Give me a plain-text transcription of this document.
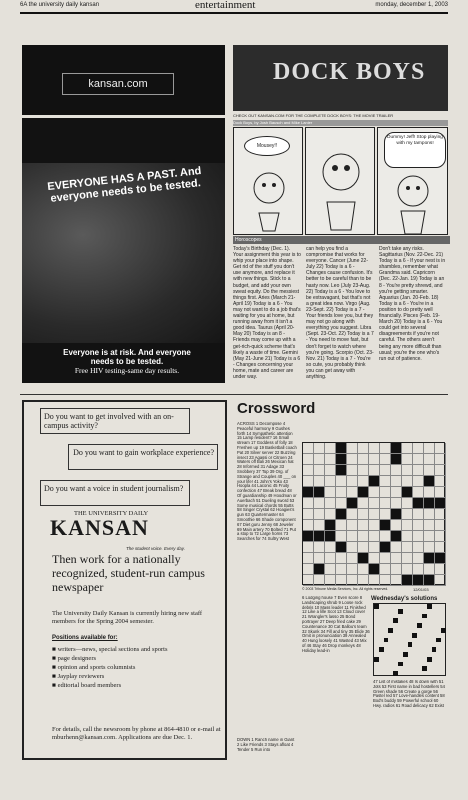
6A the university daily kansan	entertainment	monday, december 1, 2003
kansan.com
EVERYONE HAS A PAST. And everyone needs to be tested.
Everyone is at risk. And everyone needs to be tested.
Free HIV testing-same day results.
DOCK BOYS
CHECK OUT KANSAN.COM FOR THE COMPLETE DOCK BOYS: THE MOVIE TRAILER
Dock Boys, by Josh Bausch and Mike Lanier
Mousey!!
Dummy! Jeff! Stop playing with my tampons!
Horoscopes
Today's Birthday (Dec. 1). Your assignment this year is to whip your place into shape. Get rid of the stuff you don't use anymore, and replace it with new things. Stick to a budget, and add your own sweat equity. Do the messiest things first. Aries (March 21-April 19) Today is a 6 - You may not want to do a job that's waiting for you at home, but running away from it isn't a good idea. Taurus (April 20-May 20) Today is an 8 - Friends may come up with a get-rich-quick scheme that's likely a waste of time. Gemini (May 21-June 21) Today is a 6 - Changes concerning your home, mate and career are under way.
can help you find a compromise that works for everyone. Cancer (June 22-July 22) Today is a 6 - Changes cause confusion. It's better to be careful than to be hasty now. Leo (July 23-Aug. 22) Today is a 6 - You love to be extravagant, but that's not a great idea now. Virgo (Aug. 23-Sept. 22) Today is a 7 - Your friends love you, but they may not go along with everything you suggest. Libra (Sept. 23-Oct. 22) Today is a 7 - You need to move fast, but don't forget to watch where you're going. Scorpio (Oct. 23-Nov. 21) Today is a 7 - You're so cute, you probably think you can get away with anything.
Don't take any risks. Sagittarius (Nov. 22-Dec. 21) Today is a 6 - If your nest is in shambles, remember what Grandma said. Capricorn (Dec. 22-Jan. 19) Today is an 8 - You're pretty shrewd, and you're getting smarter. Aquarius (Jan. 20-Feb. 18) Today is a 6 - You're in a position to do pretty well financially. Pisces (Feb. 19-March 20) Today is a 6 - You could get into several disagreements if you're not careful. The others aren't being any more difficult than usual; you're the one who's run out of patience.
Do you want to get involved with an on-campus activity?
Do you want to gain workplace experience?
Do you want a voice in student journalism?
THE UNIVERSITY DAILY
KANSAN
The student voice. Every day.
Then work for a nationally recognized, student-run campus newspaper
The University Daily Kansan is currently hiring new staff members for the Spring 2004 semester.
Positions available for:
■ writers—news, special sections and sports
■ page designers
■ opinion and sports columnists
■ Jayplay reviewers
■ editorial board members
For details, call the newsroom by phone at 864-4810 or e-mail at mburhenn@kansan.com. Applications are due Dec. 1.
Crossword
ACROSS 1 Decompose 4 Peaceful harmony 9 Gushes forth 14 Sympathetic attention 15 Lamp resident? 16 Small stream 17 Goddess of folly 18 Freshen up 19 Basketball coach Pat 20 Silver server 22 Buzzing insect 23 Agassi or Citroen 24 Waters off Bali 26 Mexican hat 28 Informed 31 Adage 33 Snobbery 37 Top 39 Org. of Strange and Couples 40 ___ on your life! 41 John's Yoko 43 Hoopla 44 Laconic 45 Fruity confection 47 Break bread 48 Of guardianship 49 Hoodman or Auerbach 51 Dueling sword 53 Some musical chords 55 Butts 58 Singer Crystal 62 Hoagies's gun 63 Quartermaster 64 Smoothie 66 Shade component 67 Diet guru Jenny 68 Jeweler 69 Main artery 70 Bolted 71 Put a stop to 72 Large horns 73 Searches for 74 Sultry West
© 2003 Tribune Media Services, Inc. All rights reserved.	12/01/03
DOWN 1 Ranch name in Giant 2 Like Friends 3 Stays afloat 4 Tender 5 Run into
6 Lodging house 7 Even score 8 Landscaping shrub 9 Loose rock debris 10 Mass leader 11 Finished 12 Like a lille Scot 13 Cloud cover 21 Wrangler's lasso 25 Bond portrayer 27 Deep fried cake 29 Countenance 30 Cat Ballou's team 32 Skunk 34 Fill and tiny 35 Elide 36 Omit in pronunciation 39 Annealed 40 Hung loosely 41 Wasted 43 Mix of 46 Stay 46 Drop monkeys 48 Holiday lead-in
Wednesday's solutions
47 List of mistakes 48 Is down with 51 Jots 53 First name in bad hostellers 54 Green shade 56 Create a gorge 56 Pastel red 57 Love-handles content 58 Bod's buddy 59 Powerful school 60 Hwy. radios 61 Road delicacy 62 Exist
